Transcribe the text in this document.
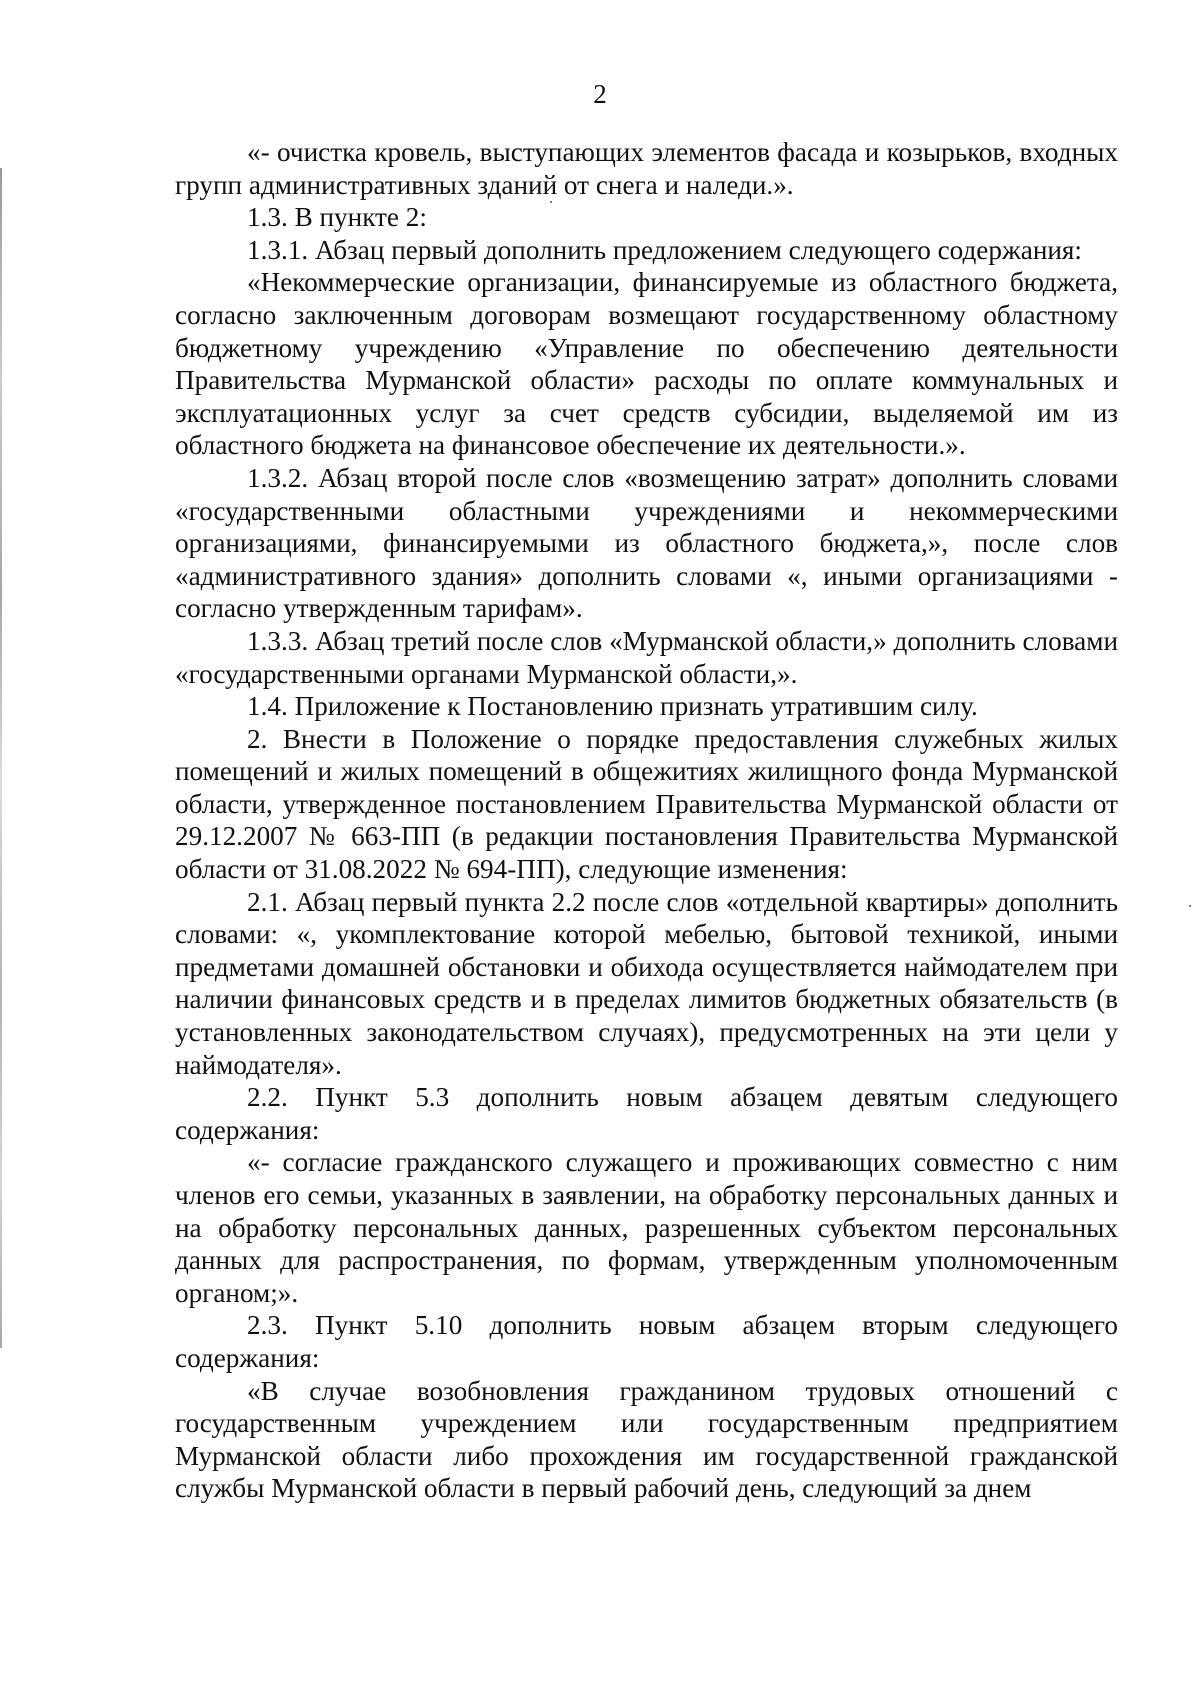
2

«- очистка кровель, выступающих элементов фасада и козырьков, входных групп административных зданий от снега и наледи.».

1.3. В пункте 2:

1.3.1. Абзац первый дополнить предложением следующего содержания:

«Некоммерческие организации, финансируемые из областного бюджета, согласно заключенным договорам возмещают государственному областному бюджетному учреждению «Управление по обеспечению деятельности Правительства Мурманской области» расходы по оплате коммунальных и эксплуатационных услуг за счет средств субсидии, выделяемой им из областного бюджета на финансовое обеспечение их деятельности.».

1.3.2. Абзац второй после слов «возмещению затрат» дополнить словами «государственными областными учреждениями и некоммерческими организациями, финансируемыми из областного бюджета,», после слов «административного здания» дополнить словами «, иными организациями - согласно утвержденным тарифам».

1.3.3. Абзац третий после слов «Мурманской области,» дополнить словами «государственными органами Мурманской области,».

1.4. Приложение к Постановлению признать утратившим силу.

2. Внести в Положение о порядке предоставления служебных жилых помещений и жилых помещений в общежитиях жилищного фонда Мурманской области, утвержденное постановлением Правительства Мурманской области от 29.12.2007 № 663-ПП (в редакции постановления Правительства Мурманской области от 31.08.2022 № 694-ПП), следующие изменения:

2.1. Абзац первый пункта 2.2 после слов «отдельной квартиры» дополнить словами: «, укомплектование которой мебелью, бытовой техникой, иными предметами домашней обстановки и обихода осуществляется наймодателем при наличии финансовых средств и в пределах лимитов бюджетных обязательств (в установленных законодательством случаях), предусмотренных на эти цели у наймодателя».

2.2. Пункт 5.3 дополнить новым абзацем девятым следующего содержания:

«- согласие гражданского служащего и проживающих совместно с ним членов его семьи, указанных в заявлении, на обработку персональных данных и на обработку персональных данных, разрешенных субъектом персональных данных для распространения, по формам, утвержденным уполномоченным органом;».

2.3. Пункт 5.10 дополнить новым абзацем вторым следующего содержания:

«В случае возобновления гражданином трудовых отношений с государственным учреждением или государственным предприятием Мурманской области либо прохождения им государственной гражданской службы Мурманской области в первый рабочий день, следующий за днем
